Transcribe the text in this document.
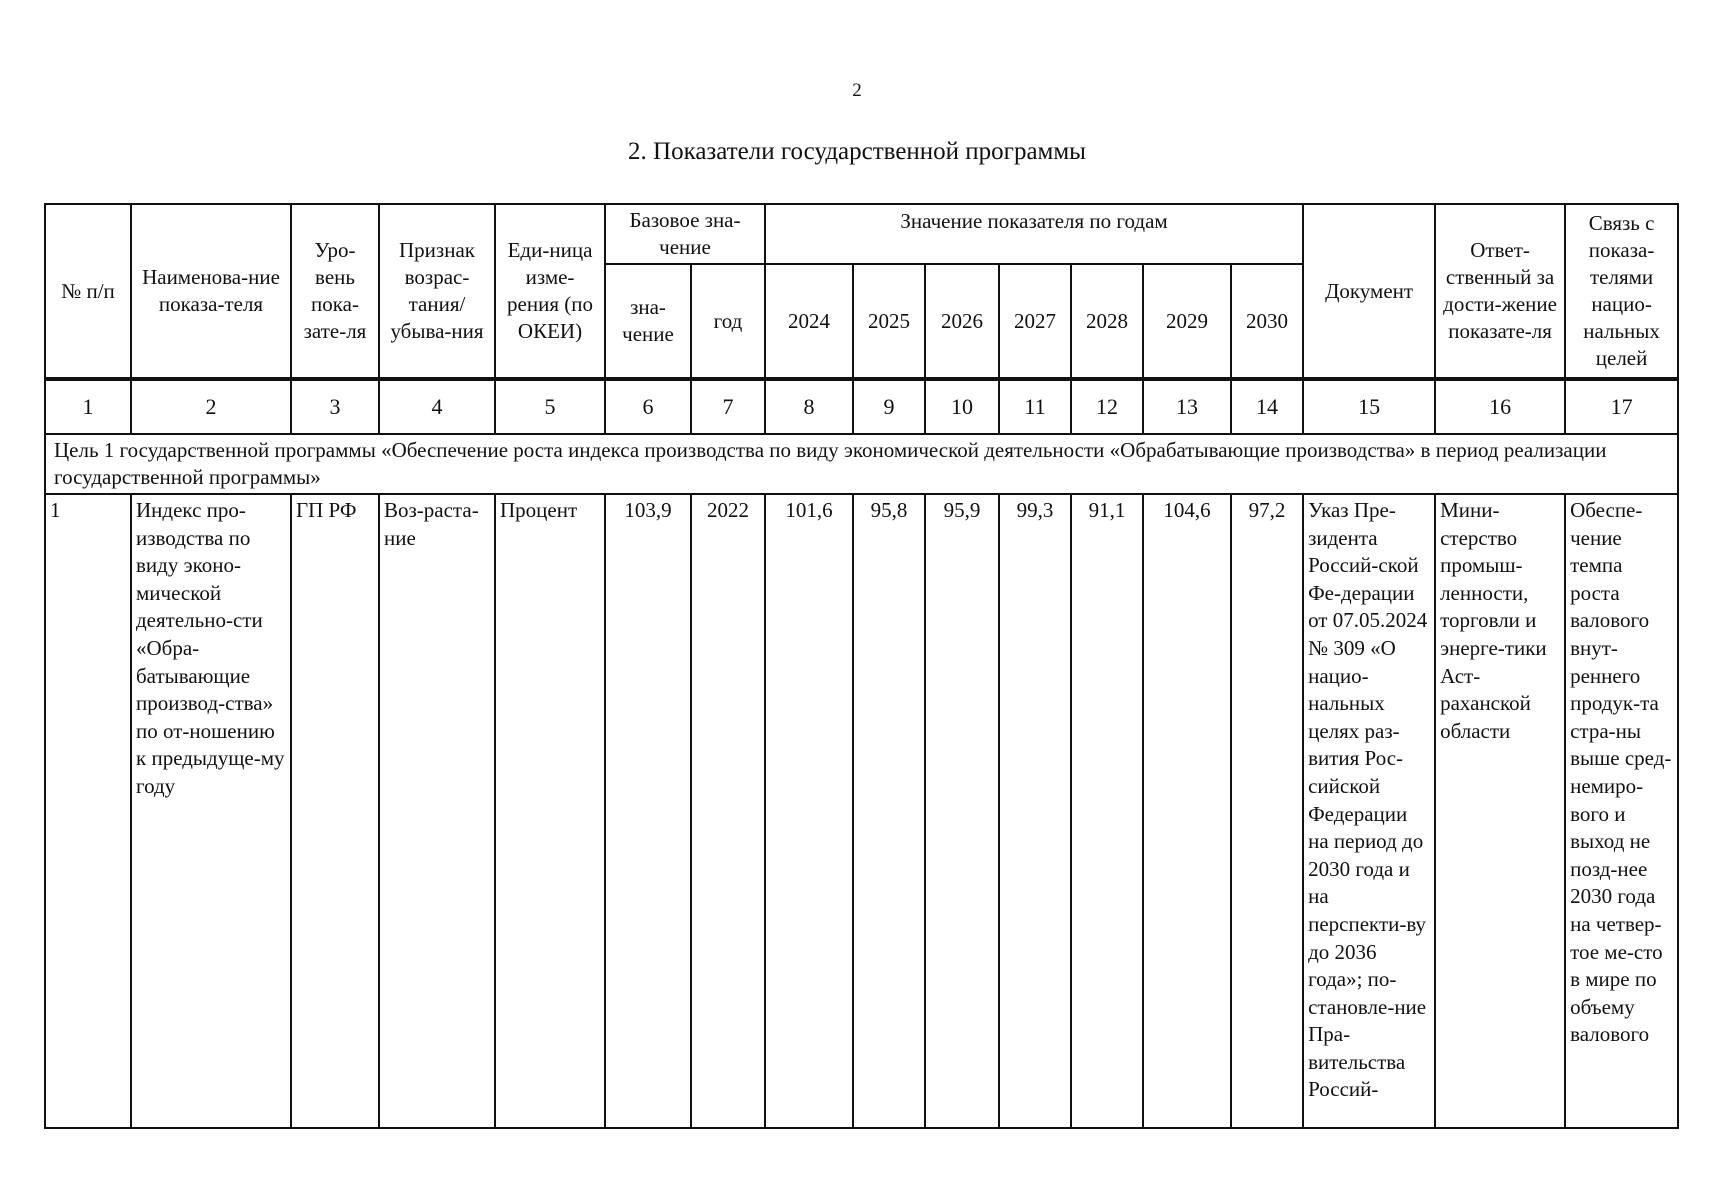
2
2. Показатели государственной программы
№ п/п	Наименова-ние показа-теля	Уро-вень пока-зате-ля	Признак возрас-тания/ убыва-ния	Еди-ница изме-рения (по ОКЕИ)	Базовое зна-чение		Значение показателя по годам							Документ	Ответ-ственный за дости-жение показате-ля	Связь с показа-телями нацио-нальных целей
					зна-чение	год	2024	2025	2026	2027	2028	2029	2030			
1	2	3	4	5	6	7	8	9	10	11	12	13	14	15	16	17
Цель 1 государственной программы «Обеспечение роста индекса производства по виду экономической деятельности «Обрабатывающие производства» в период реализации государственной программы»																
1	Индекс про-изводства по виду эконо-мической деятельно-сти «Обра-батывающие производ-ства» по от-ношению к предыдуще-му году	ГП РФ	Воз-раста-ние	Процент	103,9	2022	101,6	95,8	95,9	99,3	91,1	104,6	97,2	Указ Пре-зидента Россий-ской Фе-дерации от 07.05.2024 № 309 «О нацио-нальных целях раз-вития Рос-сийской Федерации на период до 2030 года и на перспекти-ву до 2036 года»; по-становле-ние Пра-вительства Россий-	Мини-стерство промыш-ленности, торговли и энерге-тики Аст-раханской области	Обеспе-чение темпа роста валового внут-реннего продук-та стра-ны выше сред-немиро-вого и выход не позд-нее 2030 года на четвер-тое ме-сто в мире по объему валового
